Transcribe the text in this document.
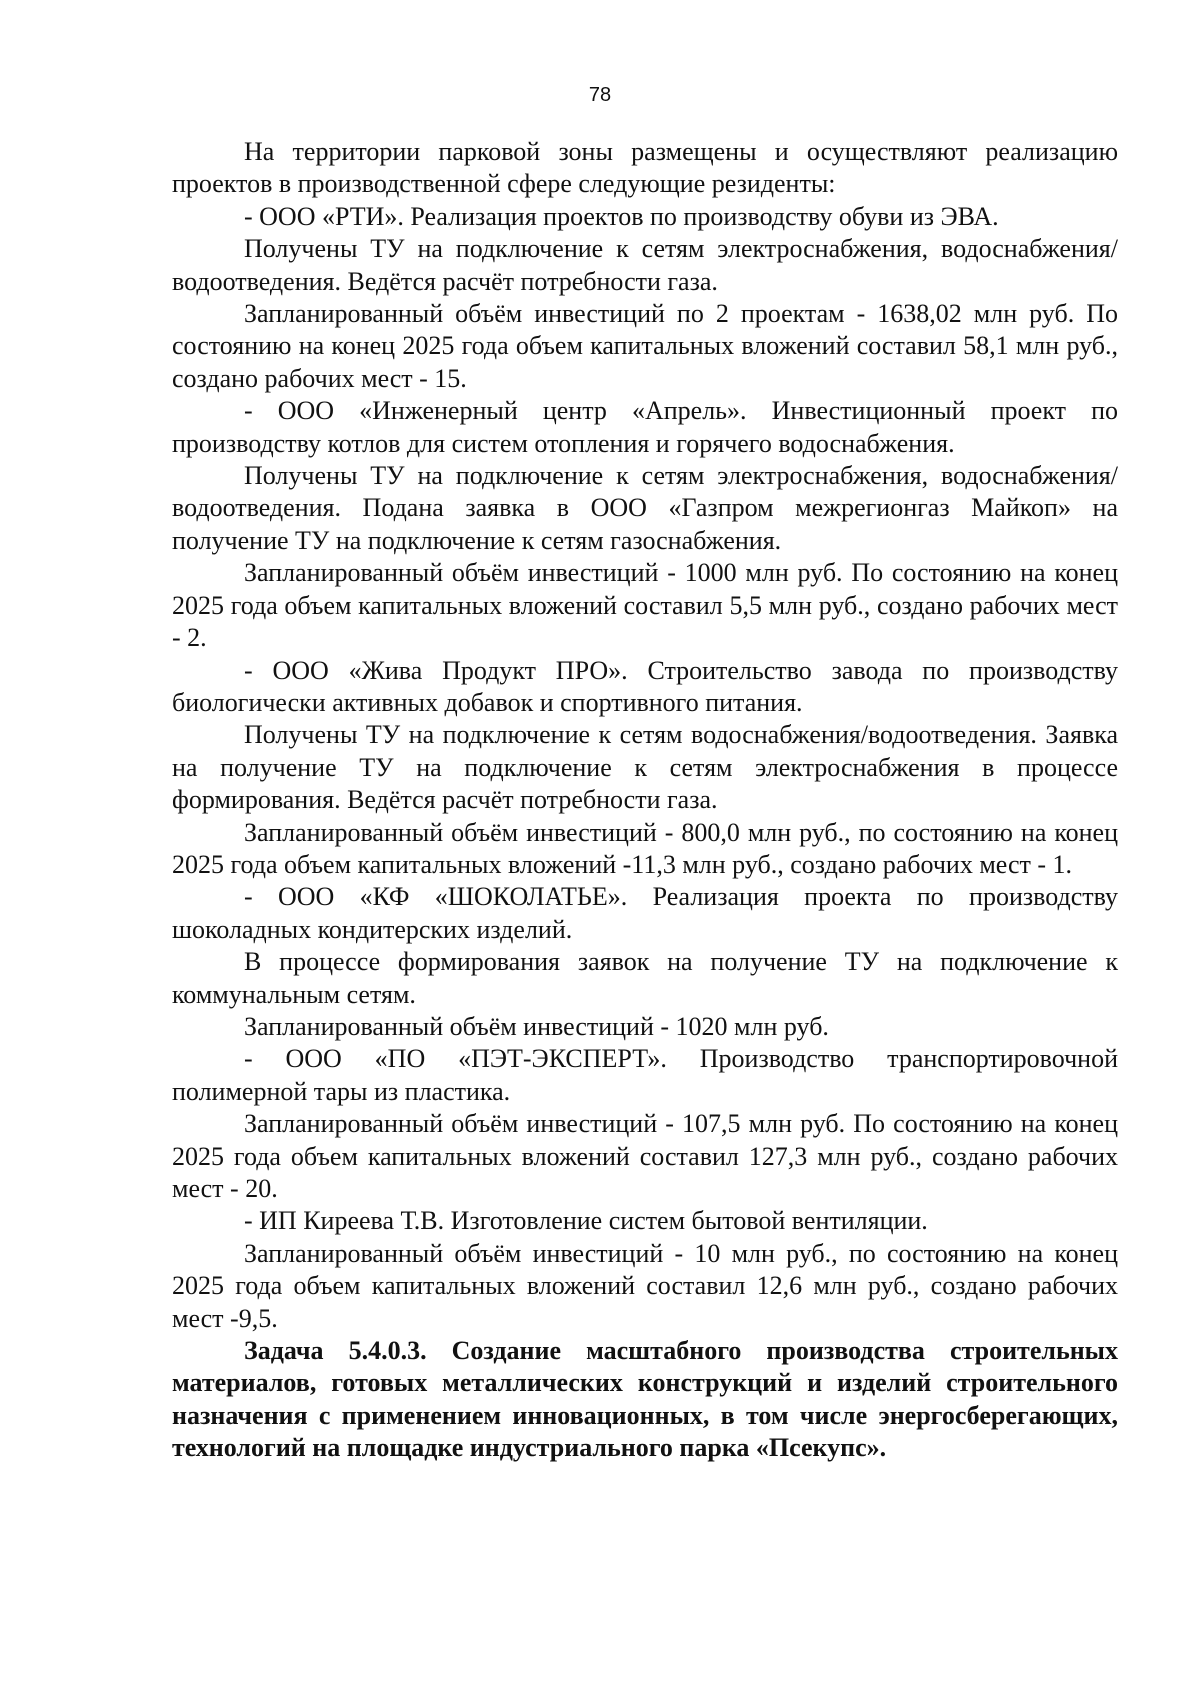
78

На территории парковой зоны размещены и осуществляют реализацию проектов в производственной сфере следующие резиденты:

- ООО «РТИ». Реализация проектов по производству обуви из ЭВА.

Получены ТУ на подключение к сетям электроснабжения, водоснабжения/водоотведения. Ведётся расчёт потребности газа.

Запланированный объём инвестиций по 2 проектам - 1638,02 млн руб. По состоянию на конец 2025 года объем капитальных вложений составил 58,1 млн руб., создано рабочих мест - 15.

- ООО «Инженерный центр «Апрель». Инвестиционный проект по производству котлов для систем отопления и горячего водоснабжения.

Получены ТУ на подключение к сетям электроснабжения, водоснабжения/водоотведения. Подана заявка в ООО «Газпром межрегионгаз Майкоп» на получение ТУ на подключение к сетям газоснабжения.

Запланированный объём инвестиций - 1000 млн руб. По состоянию на конец 2025 года объем капитальных вложений составил 5,5 млн руб., создано рабочих мест - 2.

- ООО «Жива Продукт ПРО». Строительство завода по производству биологически активных добавок и спортивного питания.

Получены ТУ на подключение к сетям водоснабжения/водоотведения. Заявка на получение ТУ на подключение к сетям электроснабжения в процессе формирования. Ведётся расчёт потребности газа.

Запланированный объём инвестиций - 800,0 млн руб., по состоянию на конец 2025 года объем капитальных вложений -11,3 млн руб., создано рабочих мест - 1.

- ООО «КФ «ШОКОЛАТЬЕ». Реализация проекта по производству шоколадных кондитерских изделий.

В процессе формирования заявок на получение ТУ на подключение к коммунальным сетям.

Запланированный объём инвестиций - 1020 млн руб.

- ООО «ПО «ПЭТ-ЭКСПЕРТ». Производство транспортировочной полимерной тары из пластика.

Запланированный объём инвестиций - 107,5 млн руб. По состоянию на конец 2025 года объем капитальных вложений составил 127,3 млн руб., создано рабочих мест - 20.

- ИП Киреева Т.В. Изготовление систем бытовой вентиляции.

Запланированный объём инвестиций - 10 млн руб., по состоянию на конец 2025 года объем капитальных вложений составил 12,6 млн руб., создано рабочих мест -9,5.

Задача 5.4.0.3. Создание масштабного производства строительных материалов, готовых металлических конструкций и изделий строительного назначения с применением инновационных, в том числе энергосберегающих, технологий на площадке индустриального парка «Псекупс».
